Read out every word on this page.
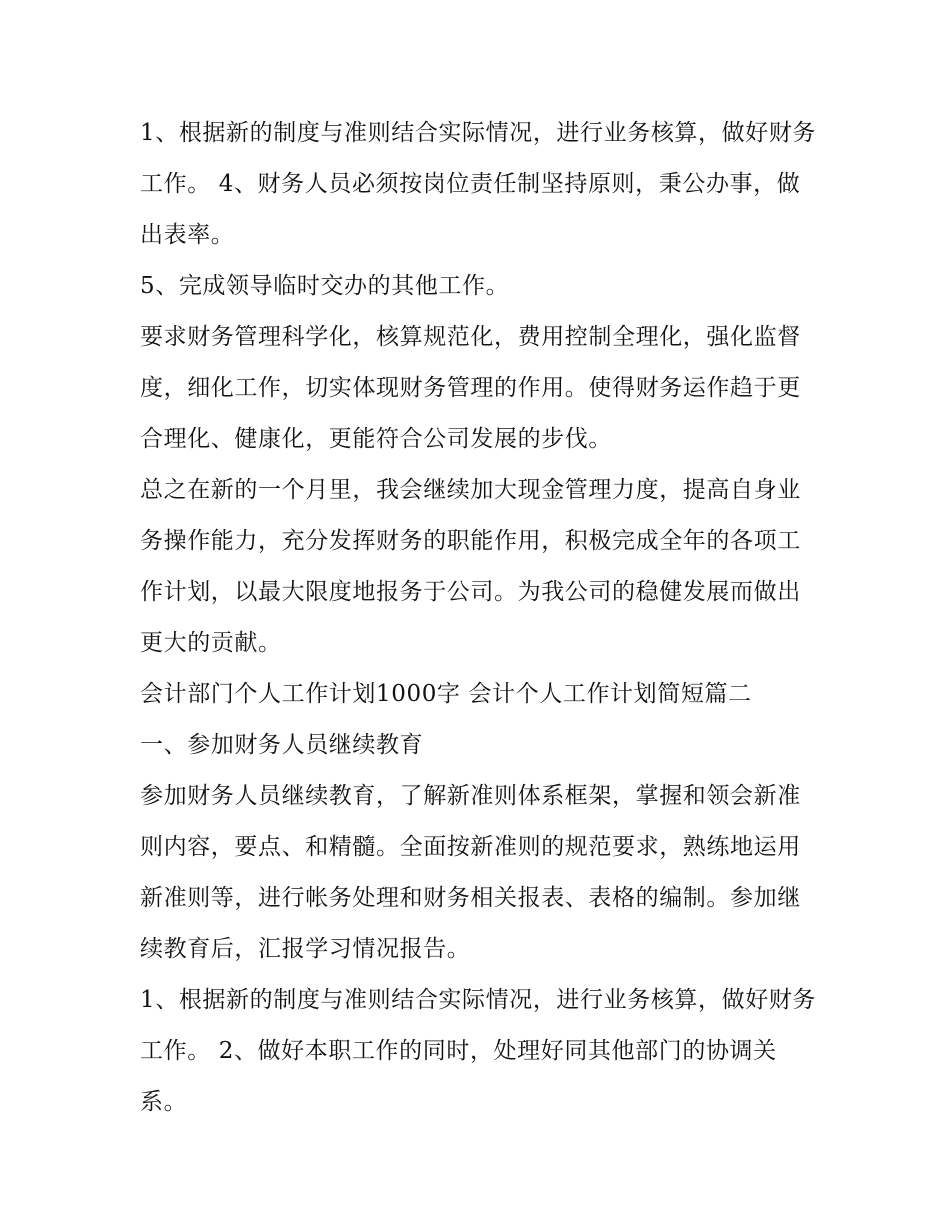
1、根据新的制度与准则结合实际情况，进行业务核算，做好财务工作。 4、财务人员必须按岗位责任制坚持原则，秉公办事，做出表率。

5、完成领导临时交办的其他工作。

要求财务管理科学化，核算规范化，费用控制全理化，强化监督度，细化工作，切实体现财务管理的作用。使得财务运作趋于更合理化、健康化，更能符合公司发展的步伐。

总之在新的一个月里，我会继续加大现金管理力度，提高自身业务操作能力，充分发挥财务的职能作用，积极完成全年的各项工作计划，以最大限度地报务于公司。为我公司的稳健发展而做出更大的贡献。

会计部门个人工作计划1000字 会计个人工作计划简短篇二

一、参加财务人员继续教育

参加财务人员继续教育，了解新准则体系框架，掌握和领会新准则内容，要点、和精髓。全面按新准则的规范要求，熟练地运用新准则等，进行帐务处理和财务相关报表、表格的编制。参加继续教育后，汇报学习情况报告。

1、根据新的制度与准则结合实际情况，进行业务核算，做好财务工作。 2、做好本职工作的同时，处理好同其他部门的协调关系。
